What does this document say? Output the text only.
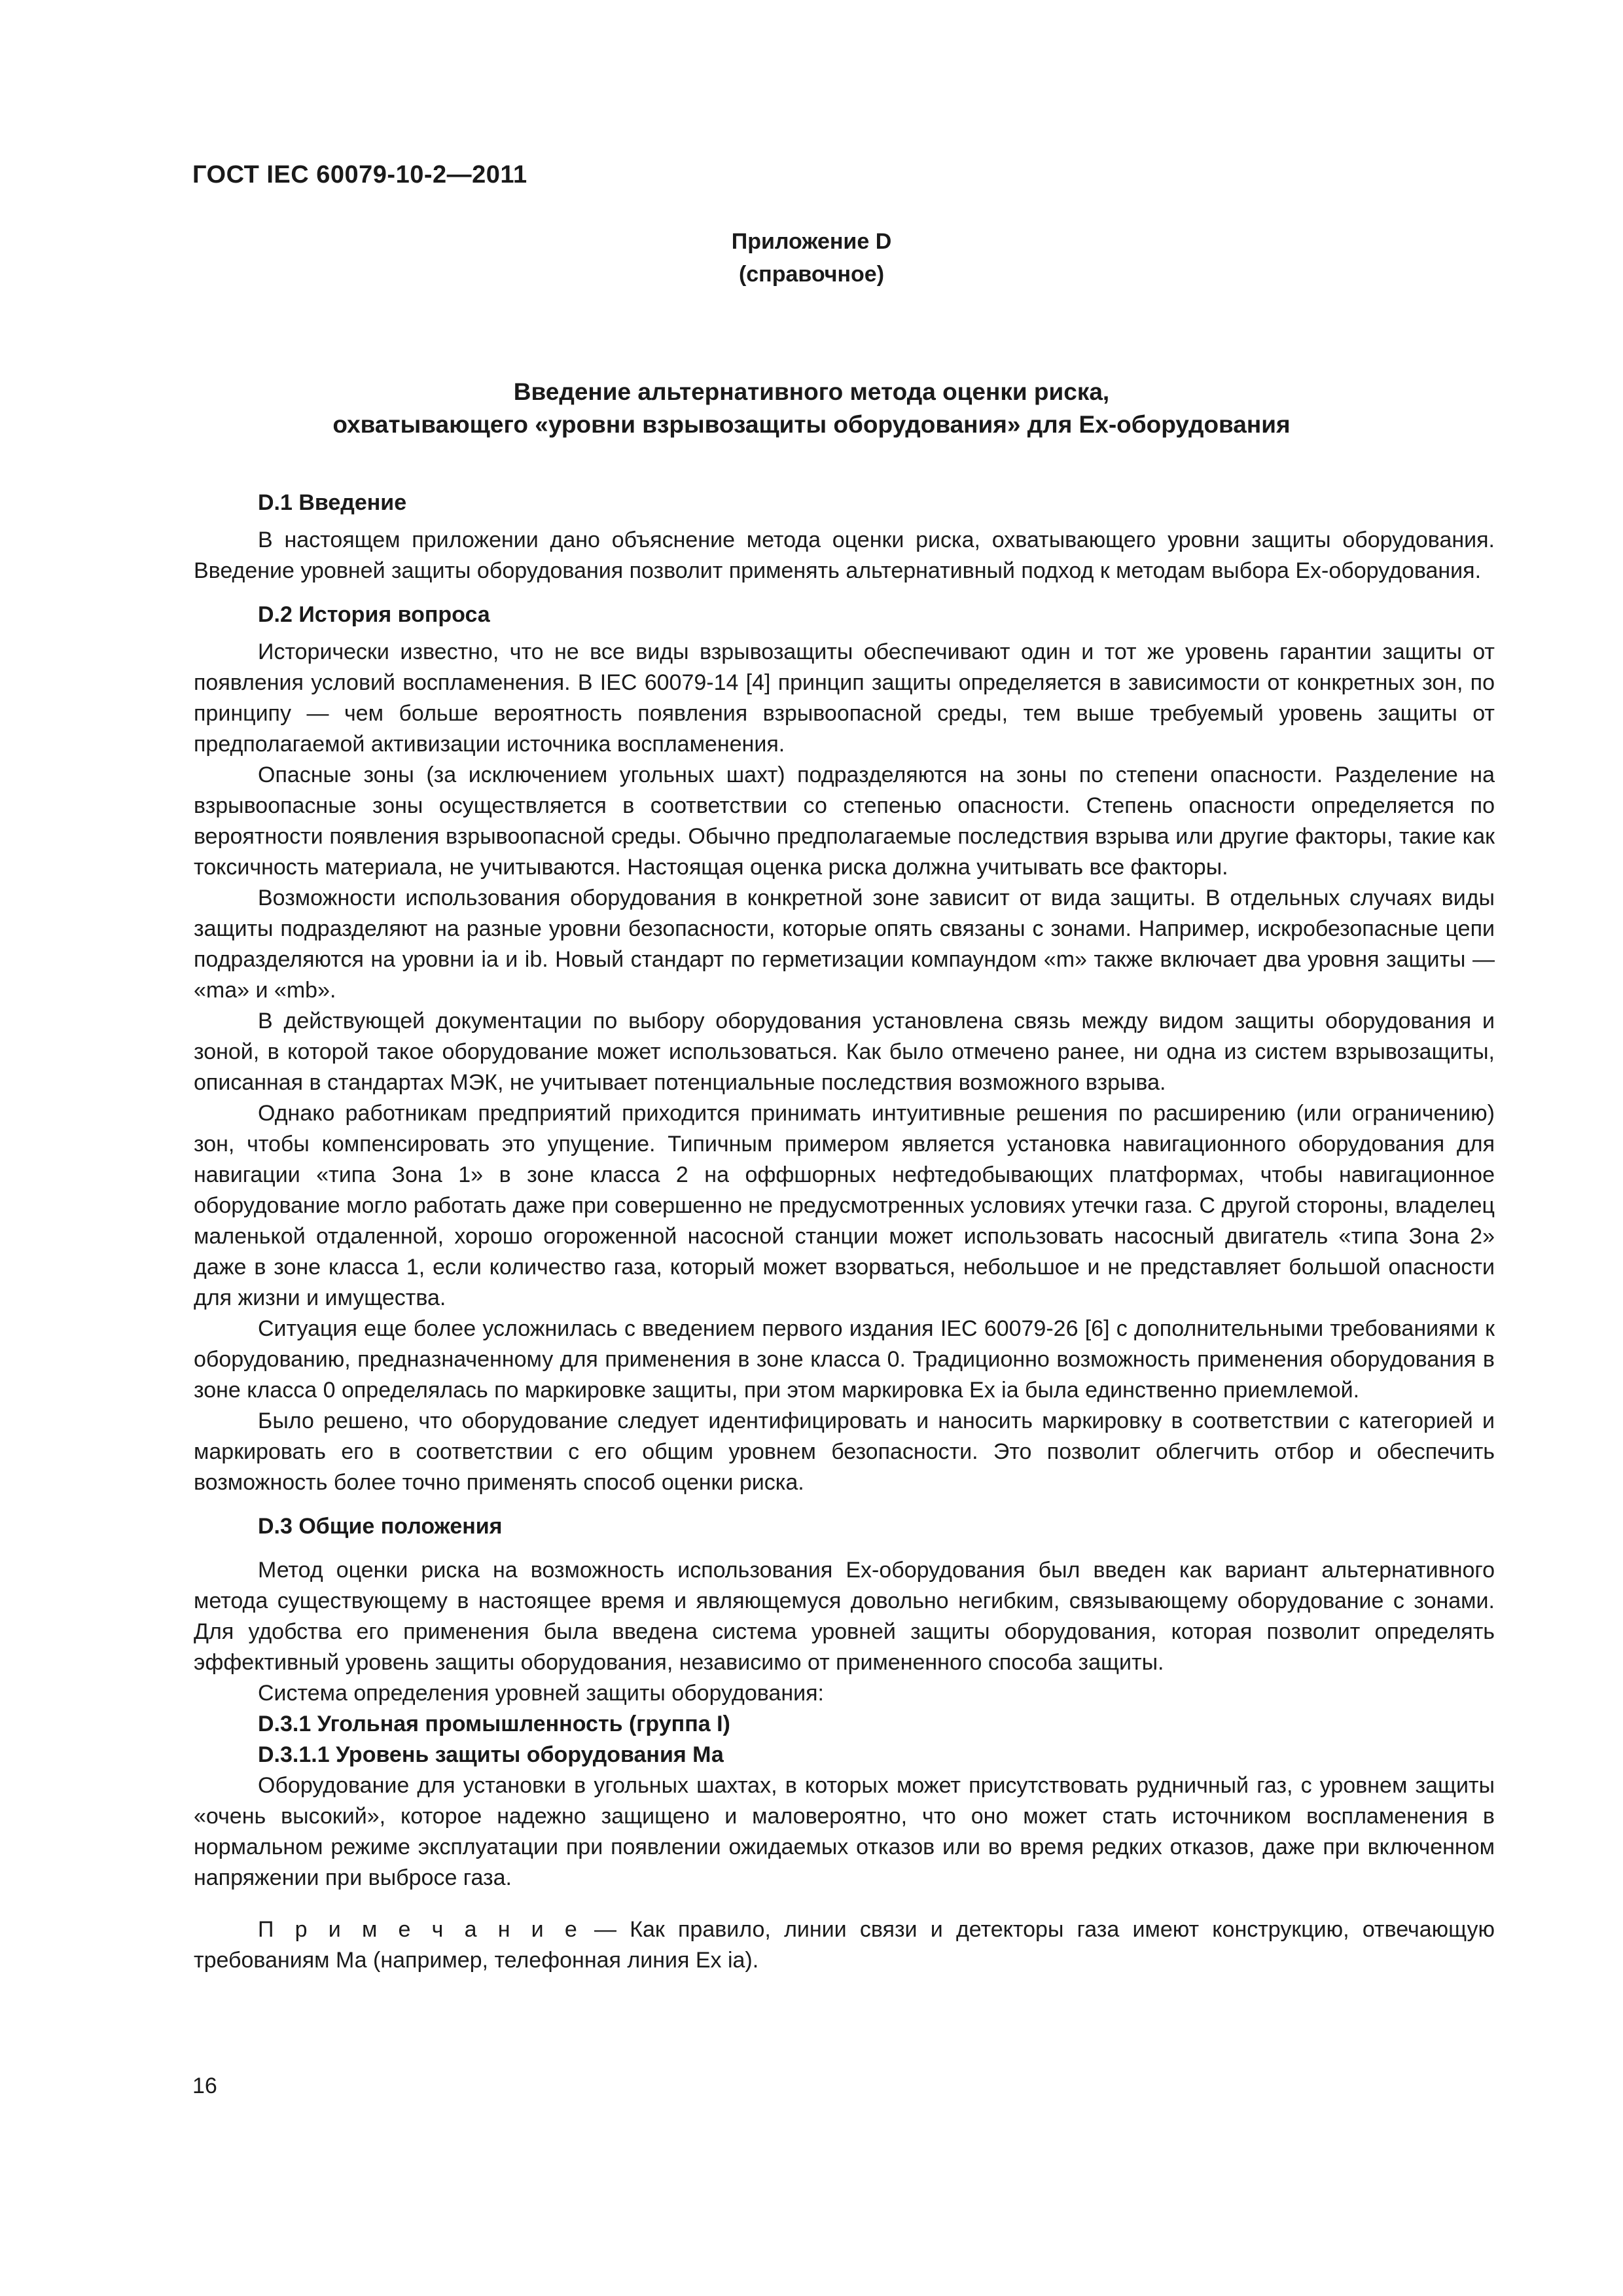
ГОСТ IEC 60079-10-2—2011
Приложение D
(справочное)
Введение альтернативного метода оценки риска,
охватывающего «уровни взрывозащиты оборудования» для Ех-оборудования
D.1 Введение

В настоящем приложении дано объяснение метода оценки риска, охватывающего уровни защиты оборудования. Введение уровней защиты оборудования позволит применять альтернативный подход к методам выбора Ех-оборудования.

D.2 История вопроса

Исторически известно, что не все виды взрывозащиты обеспечивают один и тот же уровень гарантии защиты от появления условий воспламенения. В IEC 60079-14 [4] принцип защиты определяется в зависимости от конкретных зон, по принципу — чем больше вероятность появления взрывоопасной среды, тем выше требуемый уровень защиты от предполагаемой активизации источника воспламенения.

Опасные зоны (за исключением угольных шахт) подразделяются на зоны по степени опасности. Разделение на взрывоопасные зоны осуществляется в соответствии со степенью опасности. Степень опасности определяется по вероятности появления взрывоопасной среды. Обычно предполагаемые последствия взрыва или другие факторы, такие как токсичность материала, не учитываются. Настоящая оценка риска должна учитывать все факторы.

Возможности использования оборудования в конкретной зоне зависит от вида защиты. В отдельных случаях виды защиты подразделяют на разные уровни безопасности, которые опять связаны с зонами. Например, искробезопасные цепи подразделяются на уровни ia и ib. Новый стандарт по герметизации компаундом «m» также включает два уровня защиты — «ma» и «mb».

В действующей документации по выбору оборудования установлена связь между видом защиты оборудования и зоной, в которой такое оборудование может использоваться. Как было отмечено ранее, ни одна из систем взрывозащиты, описанная в стандартах МЭК, не учитывает потенциальные последствия возможного взрыва.

Однако работникам предприятий приходится принимать интуитивные решения по расширению (или ограничению) зон, чтобы компенсировать это упущение. Типичным примером является установка навигационного оборудования для навигации «типа Зона 1» в зоне класса 2 на оффшорных нефтедобывающих платформах, чтобы навигационное оборудование могло работать даже при совершенно не предусмотренных условиях утечки газа. С другой стороны, владелец маленькой отдаленной, хорошо огороженной насосной станции может использовать насосный двигатель «типа Зона 2» даже в зоне класса 1, если количество газа, который может взорваться, небольшое и не представляет большой опасности для жизни и имущества.

Ситуация еще более усложнилась с введением первого издания IEC 60079-26 [6] с дополнительными требованиями к оборудованию, предназначенному для применения в зоне класса 0. Традиционно возможность применения оборудования в зоне класса 0 определялась по маркировке защиты, при этом маркировка Ex ia была единственно приемлемой.

Было решено, что оборудование следует идентифицировать и наносить маркировку в соответствии с категорией и маркировать его в соответствии с его общим уровнем безопасности. Это позволит облегчить отбор и обеспечить возможность более точно применять способ оценки риска.

D.3 Общие положения

Метод оценки риска на возможность использования Ех-оборудования был введен как вариант альтернативного метода существующему в настоящее время и являющемуся довольно негибким, связывающему оборудование с зонами. Для удобства его применения была введена система уровней защиты оборудования, которая позволит определять эффективный уровень защиты оборудования, независимо от примененного способа защиты.

Система определения уровней защиты оборудования:

D.3.1 Угольная промышленность (группа I)
D.3.1.1 Уровень защиты оборудования Ма

Оборудование для установки в угольных шахтах, в которых может присутствовать рудничный газ, с уровнем защиты «очень высокий», которое надежно защищено и маловероятно, что оно может стать источником воспламенения в нормальном режиме эксплуатации при появлении ожидаемых отказов или во время редких отказов, даже при включенном напряжении при выбросе газа.

П р и м е ч а н и е — Как правило, линии связи и детекторы газа имеют конструкцию, отвечающую требованиям Ма (например, телефонная линия Ex ia).

16
